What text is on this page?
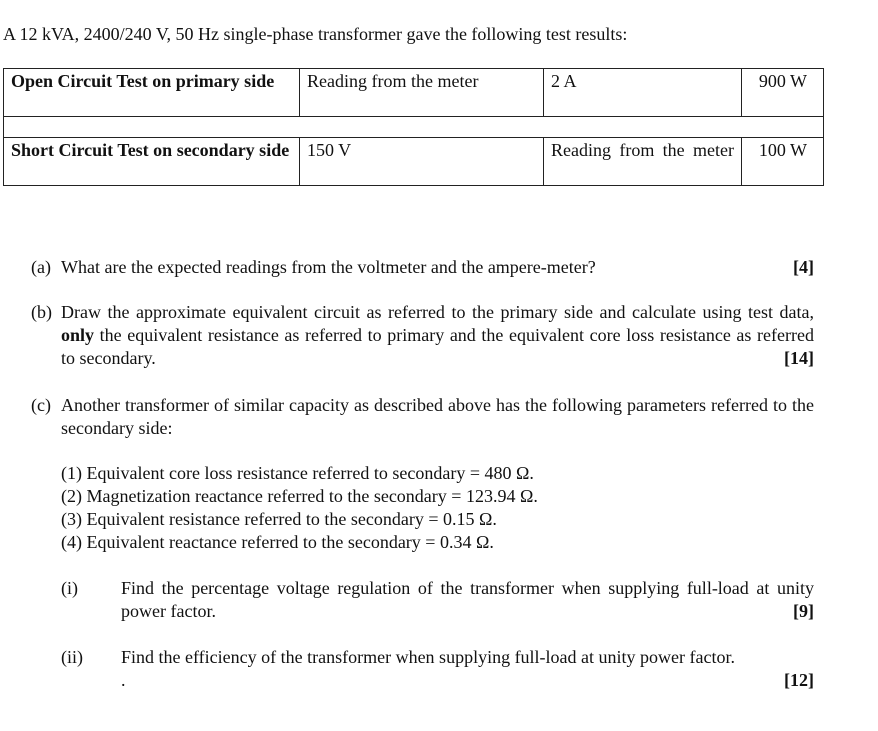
A 12 kVA, 2400/240 V, 50 Hz single-phase transformer gave the following test results:
Open Circuit Test on primary side	Reading from the meter	2 A	900 W

Short Circuit Test on secondary side	150 V	Reading from the meter	100 W
(a)	[4]
What are the expected readings from the voltmeter and the ampere-meter?
(b) Draw the approximate equivalent circuit as referred to the primary side and calculate using test data, only the equivalent resistance as referred to primary and the equivalent core loss resistance as referred to secondary.	[14]
(c) Another transformer of similar capacity as described above has the following parameters referred to the secondary side:
(1) Equivalent core loss resistance referred to secondary = 480 Ω.
(2) Magnetization reactance referred to the secondary = 123.94 Ω.
(3) Equivalent resistance referred to the secondary = 0.15 Ω.
(4) Equivalent reactance referred to the secondary = 0.34 Ω.
(i) Find the percentage voltage regulation of the transformer when supplying full-load at unity power factor.	[9]
(ii) Find the efficiency of the transformer when supplying full-load at unity power factor.
.	[12]
